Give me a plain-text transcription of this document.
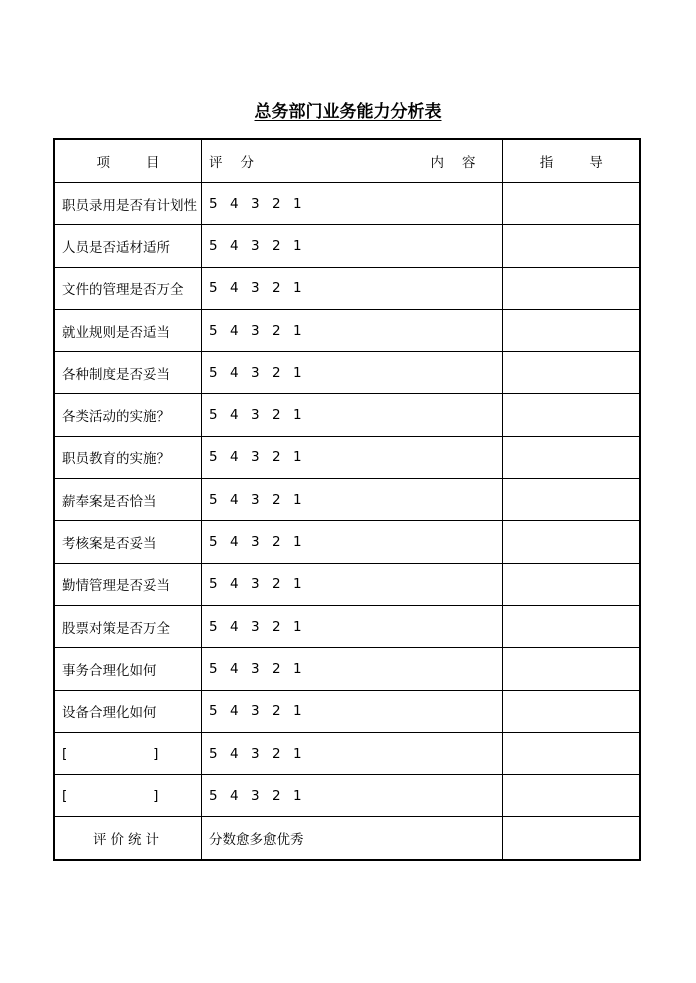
总务部门业务能力分析表
项 目	评 分 内 容	指 导
职员录用是否有计划性	5 4 3 2 1	
人员是否适材适所	5 4 3 2 1	
文件的管理是否万全	5 4 3 2 1	
就业规则是否适当	5 4 3 2 1	
各种制度是否妥当	5 4 3 2 1	
各类活动的实施？	5 4 3 2 1	
职员教育的实施？	5 4 3 2 1	
薪奉案是否恰当	5 4 3 2 1	
考核案是否妥当	5 4 3 2 1	
勤情管理是否妥当	5 4 3 2 1	
股票对策是否万全	5 4 3 2 1	
事务合理化如何	5 4 3 2 1	
设备合理化如何	5 4 3 2 1	
[                    ]	5 4 3 2 1	
[                    ]	5 4 3 2 1	
评价统计	分数愈多愈优秀	
